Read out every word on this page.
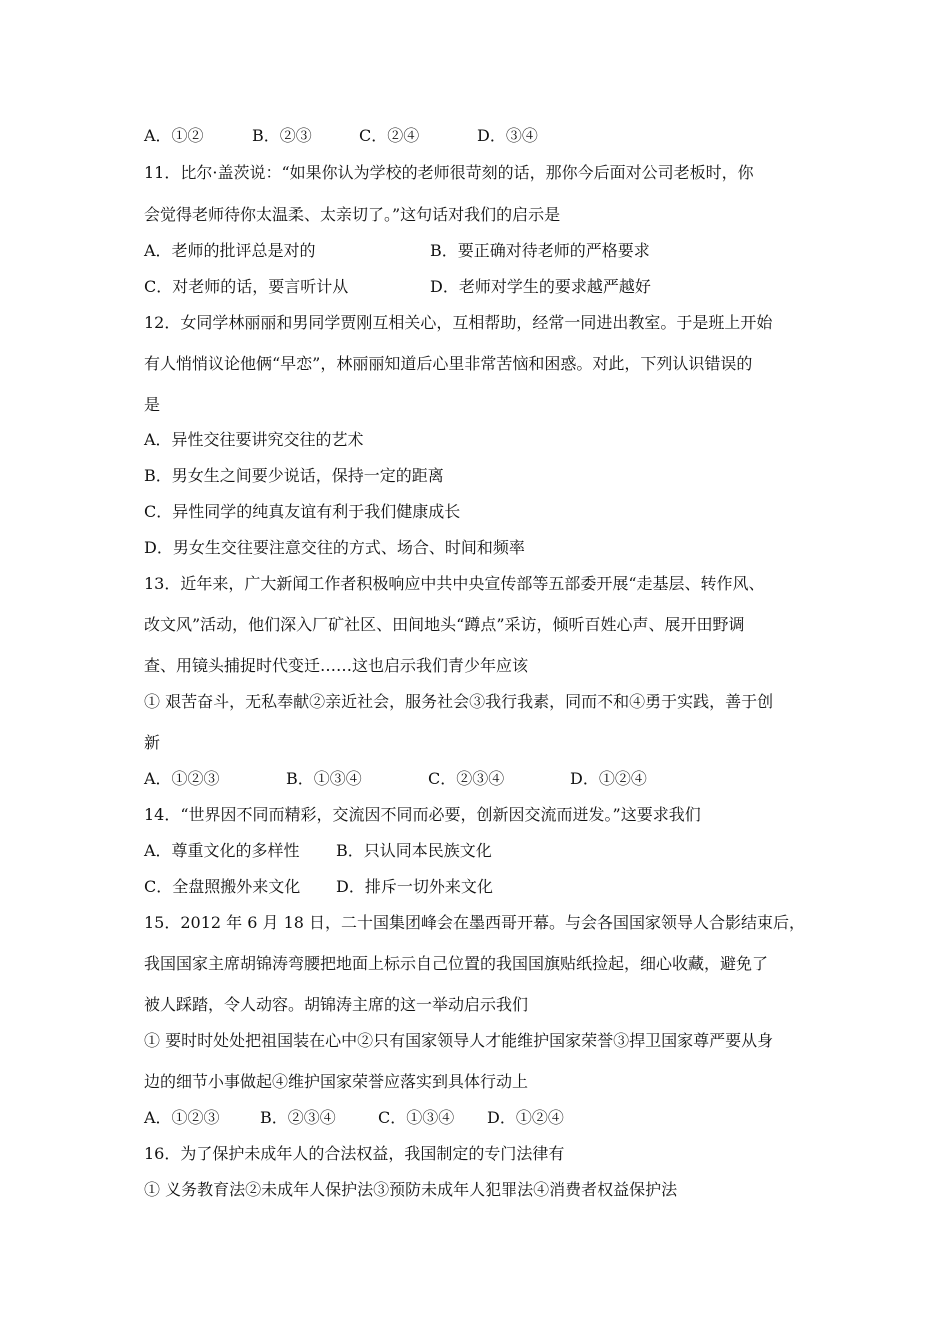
A．①②	B．②③	C．②④	D．③④
11．比尔·盖茨说：“如果你认为学校的老师很苛刻的话，那你今后面对公司老板时，你
会觉得老师待你太温柔、太亲切了。”这句话对我们的启示是
A．老师的批评总是对的	B．要正确对待老师的严格要求
C．对老师的话，要言听计从	D．老师对学生的要求越严越好
12．女同学林丽丽和男同学贾刚互相关心，互相帮助，经常一同进出教室。于是班上开始
有人悄悄议论他俩“早恋”，林丽丽知道后心里非常苦恼和困惑。对此，下列认识错误的
是
A．异性交往要讲究交往的艺术
B．男女生之间要少说话，保持一定的距离
C．异性同学的纯真友谊有利于我们健康成长
D．男女生交往要注意交往的方式、场合、时间和频率
13．近年来，广大新闻工作者积极响应中共中央宣传部等五部委开展“走基层、转作风、
改文风”活动，他们深入厂矿社区、田间地头“蹲点”采访，倾听百姓心声、展开田野调
查、用镜头捕捉时代变迁……这也启示我们青少年应该
① 艰苦奋斗，无私奉献②亲近社会，服务社会③我行我素，同而不和④勇于实践，善于创
新
A．①②③	B．①③④	C．②③④	D．①②④
14．“世界因不同而精彩，交流因不同而必要，创新因交流而迸发。”这要求我们
A．尊重文化的多样性 B．只认同本民族文化
C．全盘照搬外来文化 D．排斥一切外来文化
15．2012 年 6 月 18 日，二十国集团峰会在墨西哥开幕。与会各国国家领导人合影结束后，
我国国家主席胡锦涛弯腰把地面上标示自己位置的我国国旗贴纸捡起，细心收藏，避免了
被人踩踏，令人动容。胡锦涛主席的这一举动启示我们
① 要时时处处把祖国装在心中②只有国家领导人才能维护国家荣誉③捍卫国家尊严要从身
边的细节小事做起④维护国家荣誉应落实到具体行动上
A．①②③	B．②③④	C．①③④ D．①②④
16．为了保护未成年人的合法权益，我国制定的专门法律有
① 义务教育法②未成年人保护法③预防未成年人犯罪法④消费者权益保护法
